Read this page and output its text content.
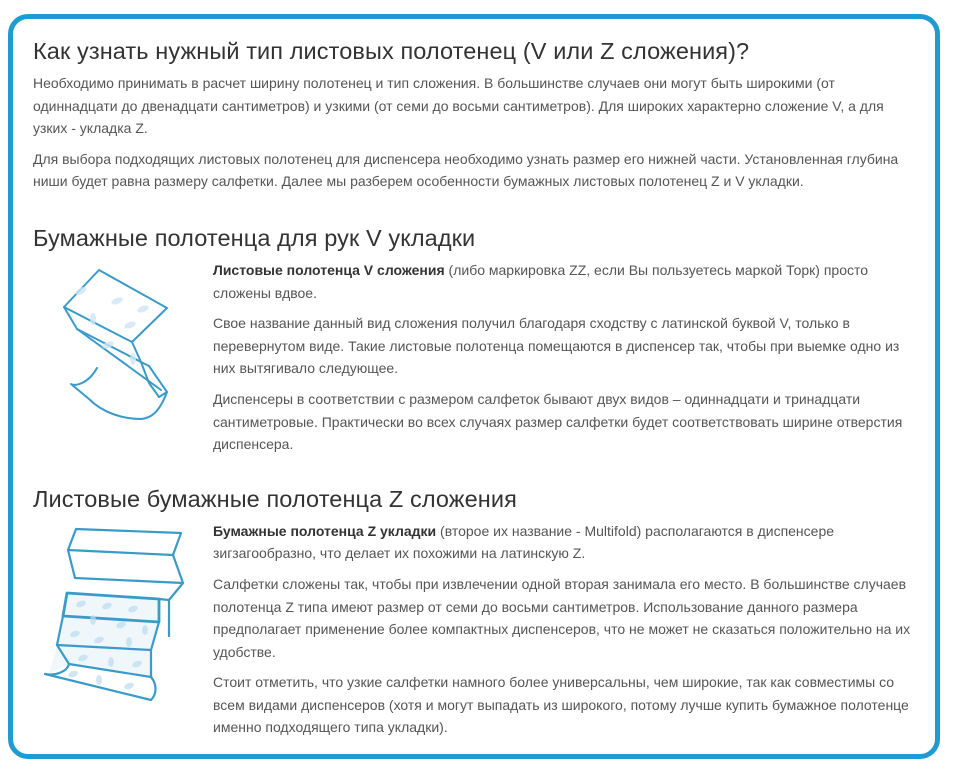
Как узнать нужный тип листовых полотенец (V или Z сложения)?

Необходимо принимать в расчет ширину полотенец и тип сложения. В большинстве случаев они могут быть широкими (от одиннадцати до двенадцати сантиметров) и узкими (от семи до восьми сантиметров). Для широких характерно сложение V, а для узких - укладка Z.

Для выбора подходящих листовых полотенец для диспенсера необходимо узнать размер его нижней части. Установленная глубина ниши будет равна размеру салфетки. Далее мы разберем особенности бумажных листовых полотенец Z и V укладки.

Бумажные полотенца для рук V укладки

Листовые полотенца V сложения (либо маркировка ZZ, если Вы пользуетесь маркой Торк) просто сложены вдвое.

Свое название данный вид сложения получил благодаря сходству с латинской буквой V, только в перевернутом виде. Такие листовые полотенца помещаются в диспенсер так, чтобы при выемке одно из них вытягивало следующее.

Диспенсеры в соответствии с размером салфеток бывают двух видов – одиннадцати и тринадцати сантиметровые. Практически во всех случаях размер салфетки будет соответствовать ширине отверстия диспенсера.

Листовые бумажные полотенца Z сложения

Бумажные полотенца Z укладки (второе их название - Multifold) располагаются в диспенсере зигзагообразно, что делает их похожими на латинскую Z.

Салфетки сложены так, чтобы при извлечении одной вторая занимала его место. В большинстве случаев полотенца Z типа имеют размер от семи до восьми сантиметров. Использование данного размера предполагает применение более компактных диспенсеров, что не может не сказаться положительно на их удобстве.

Стоит отметить, что узкие салфетки намного более универсальны, чем широкие, так как совместимы со всем видами диспенсеров (хотя и могут выпадать из широкого, потому лучше купить бумажное полотенце именно подходящего типа укладки).
